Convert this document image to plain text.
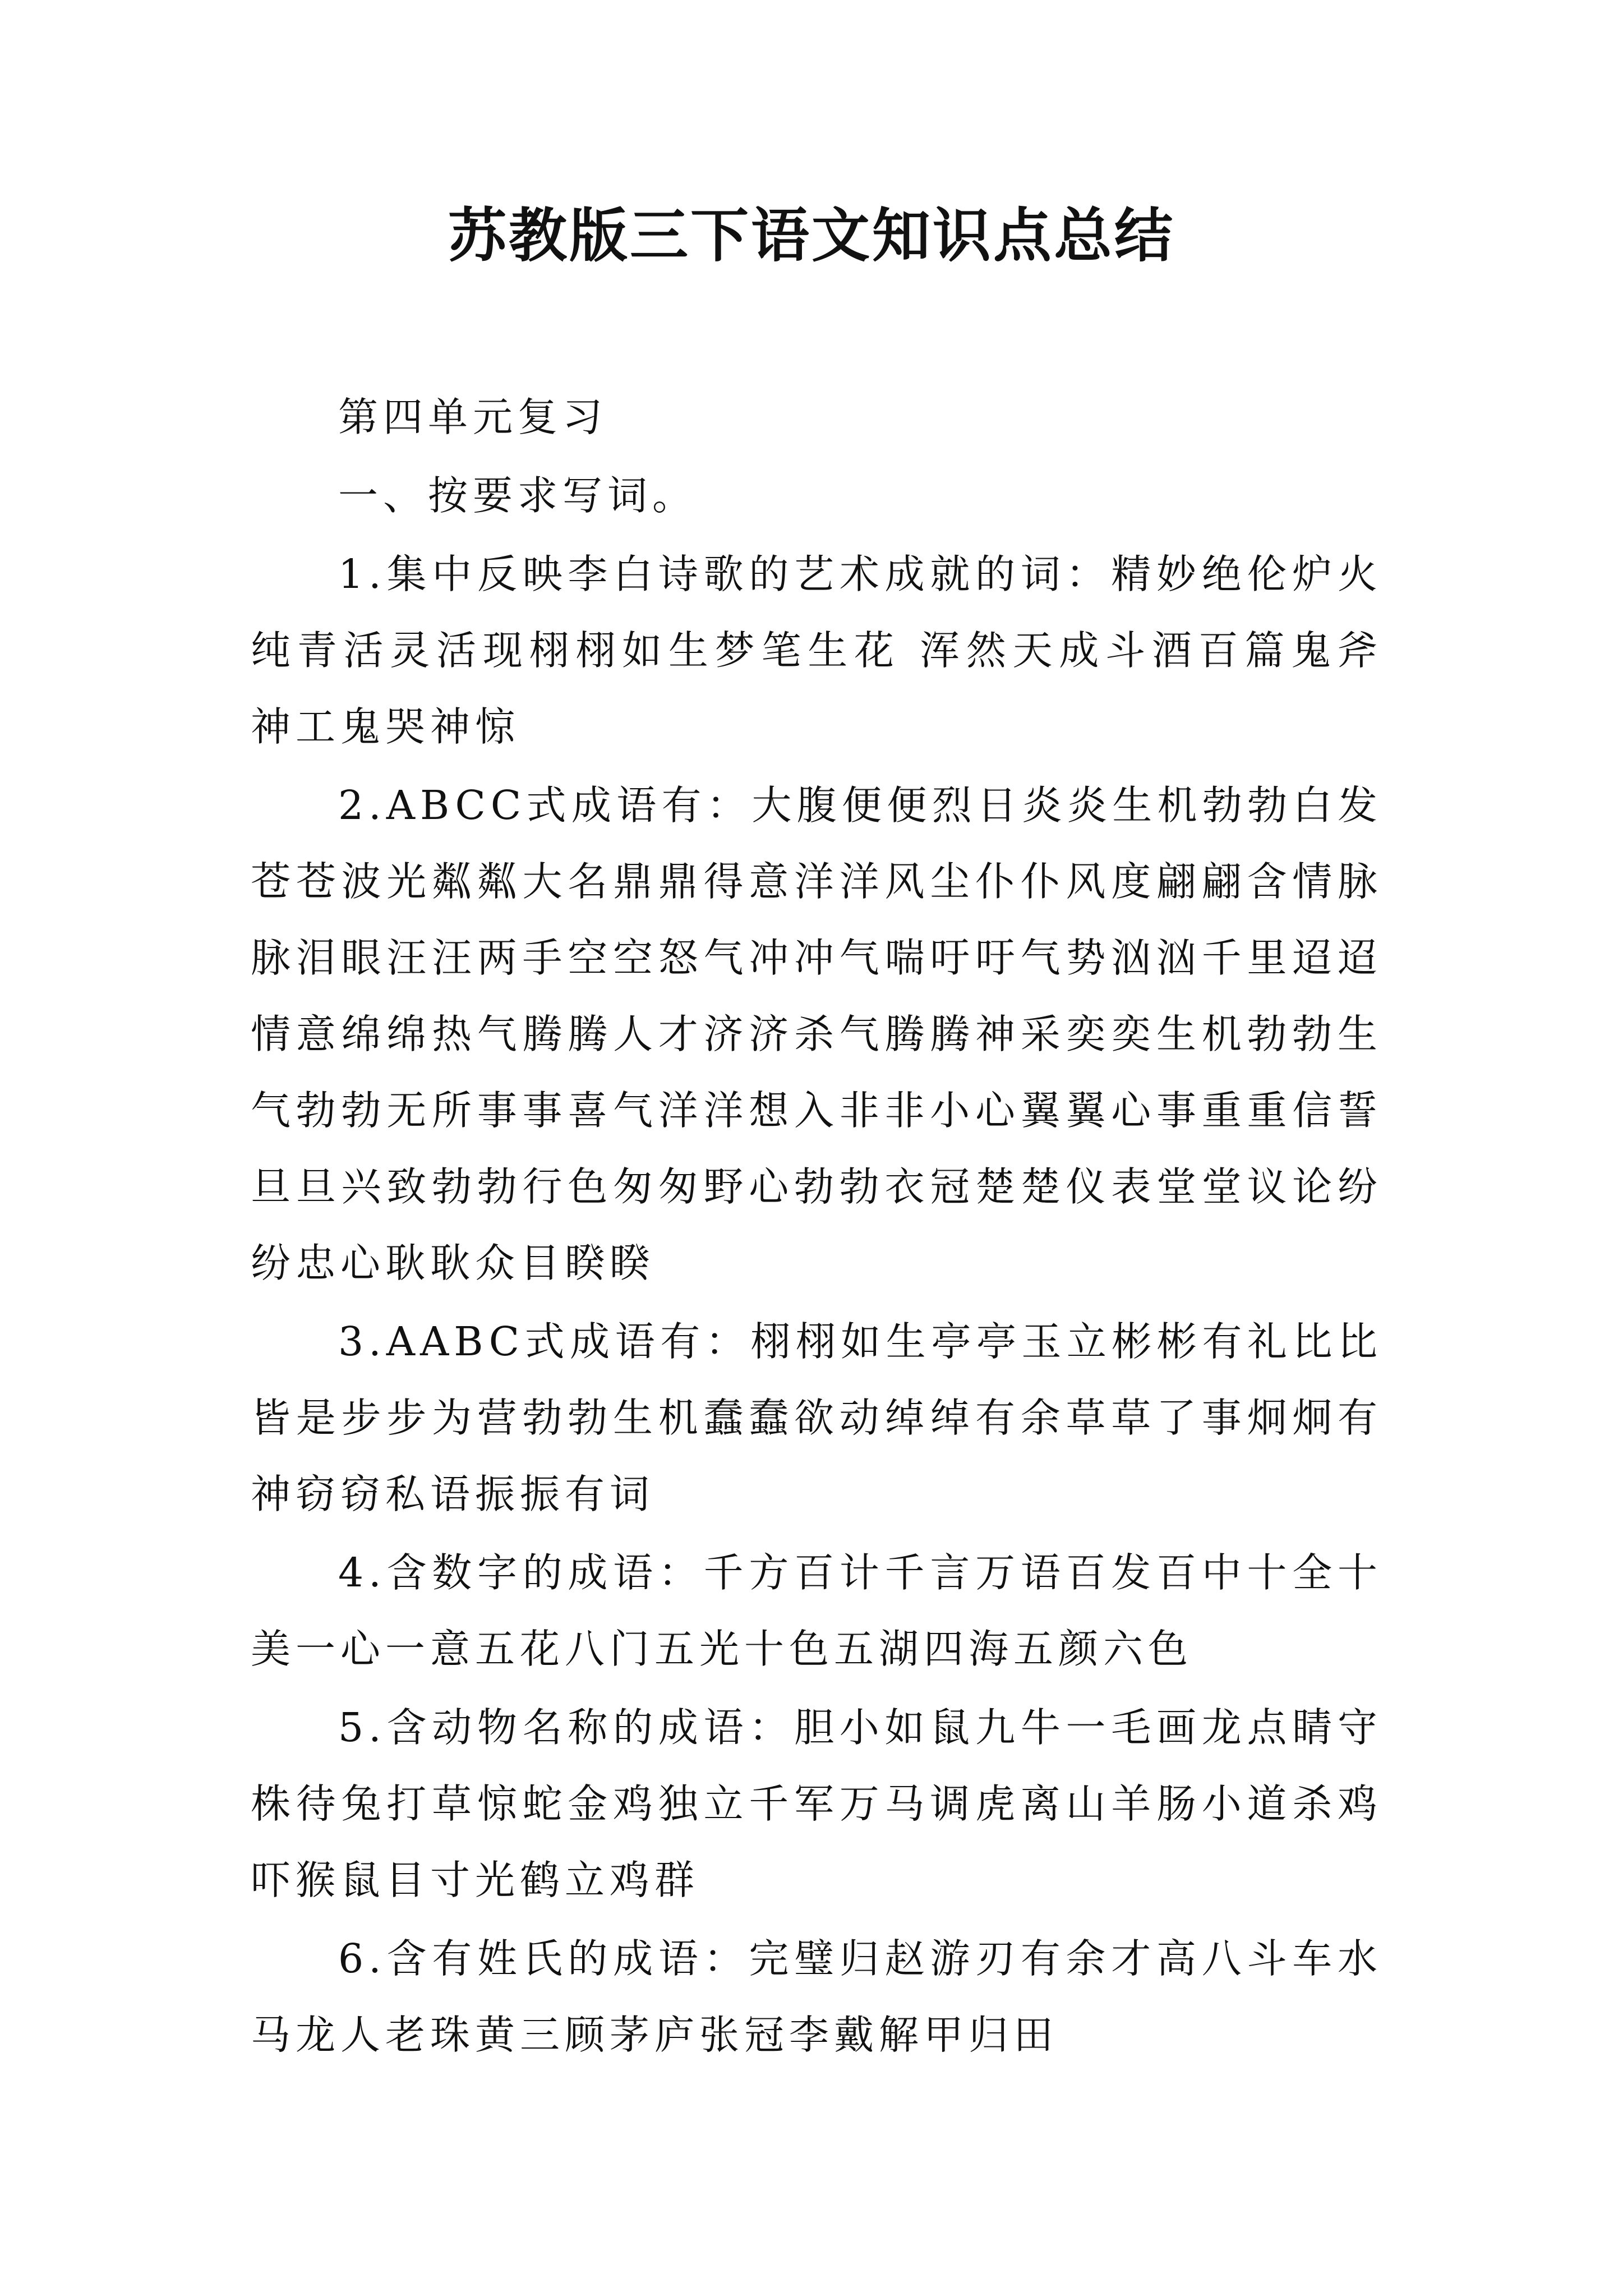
苏教版三下语文知识点总结

第四单元复习

一、按要求写词。

1.集中反映李白诗歌的艺术成就的词：精妙绝伦炉火纯青活灵活现栩栩如生梦笔生花 浑然天成斗酒百篇鬼斧神工鬼哭神惊

2.ABCC式成语有：大腹便便烈日炎炎生机勃勃白发苍苍波光粼粼大名鼎鼎得意洋洋风尘仆仆风度翩翩含情脉脉泪眼汪汪两手空空怒气冲冲气喘吁吁气势汹汹千里迢迢情意绵绵热气腾腾人才济济杀气腾腾神采奕奕生机勃勃生气勃勃无所事事喜气洋洋想入非非小心翼翼心事重重信誓旦旦兴致勃勃行色匆匆野心勃勃衣冠楚楚仪表堂堂议论纷纷忠心耿耿众目睽睽

3.AABC式成语有：栩栩如生亭亭玉立彬彬有礼比比皆是步步为营勃勃生机蠢蠢欲动绰绰有余草草了事炯炯有神窃窃私语振振有词

4.含数字的成语：千方百计千言万语百发百中十全十美一心一意五花八门五光十色五湖四海五颜六色

5.含动物名称的成语：胆小如鼠九牛一毛画龙点睛守株待兔打草惊蛇金鸡独立千军万马调虎离山羊肠小道杀鸡吓猴鼠目寸光鹤立鸡群

6.含有姓氏的成语：完璧归赵游刃有余才高八斗车水马龙人老珠黄三顾茅庐张冠李戴解甲归田
